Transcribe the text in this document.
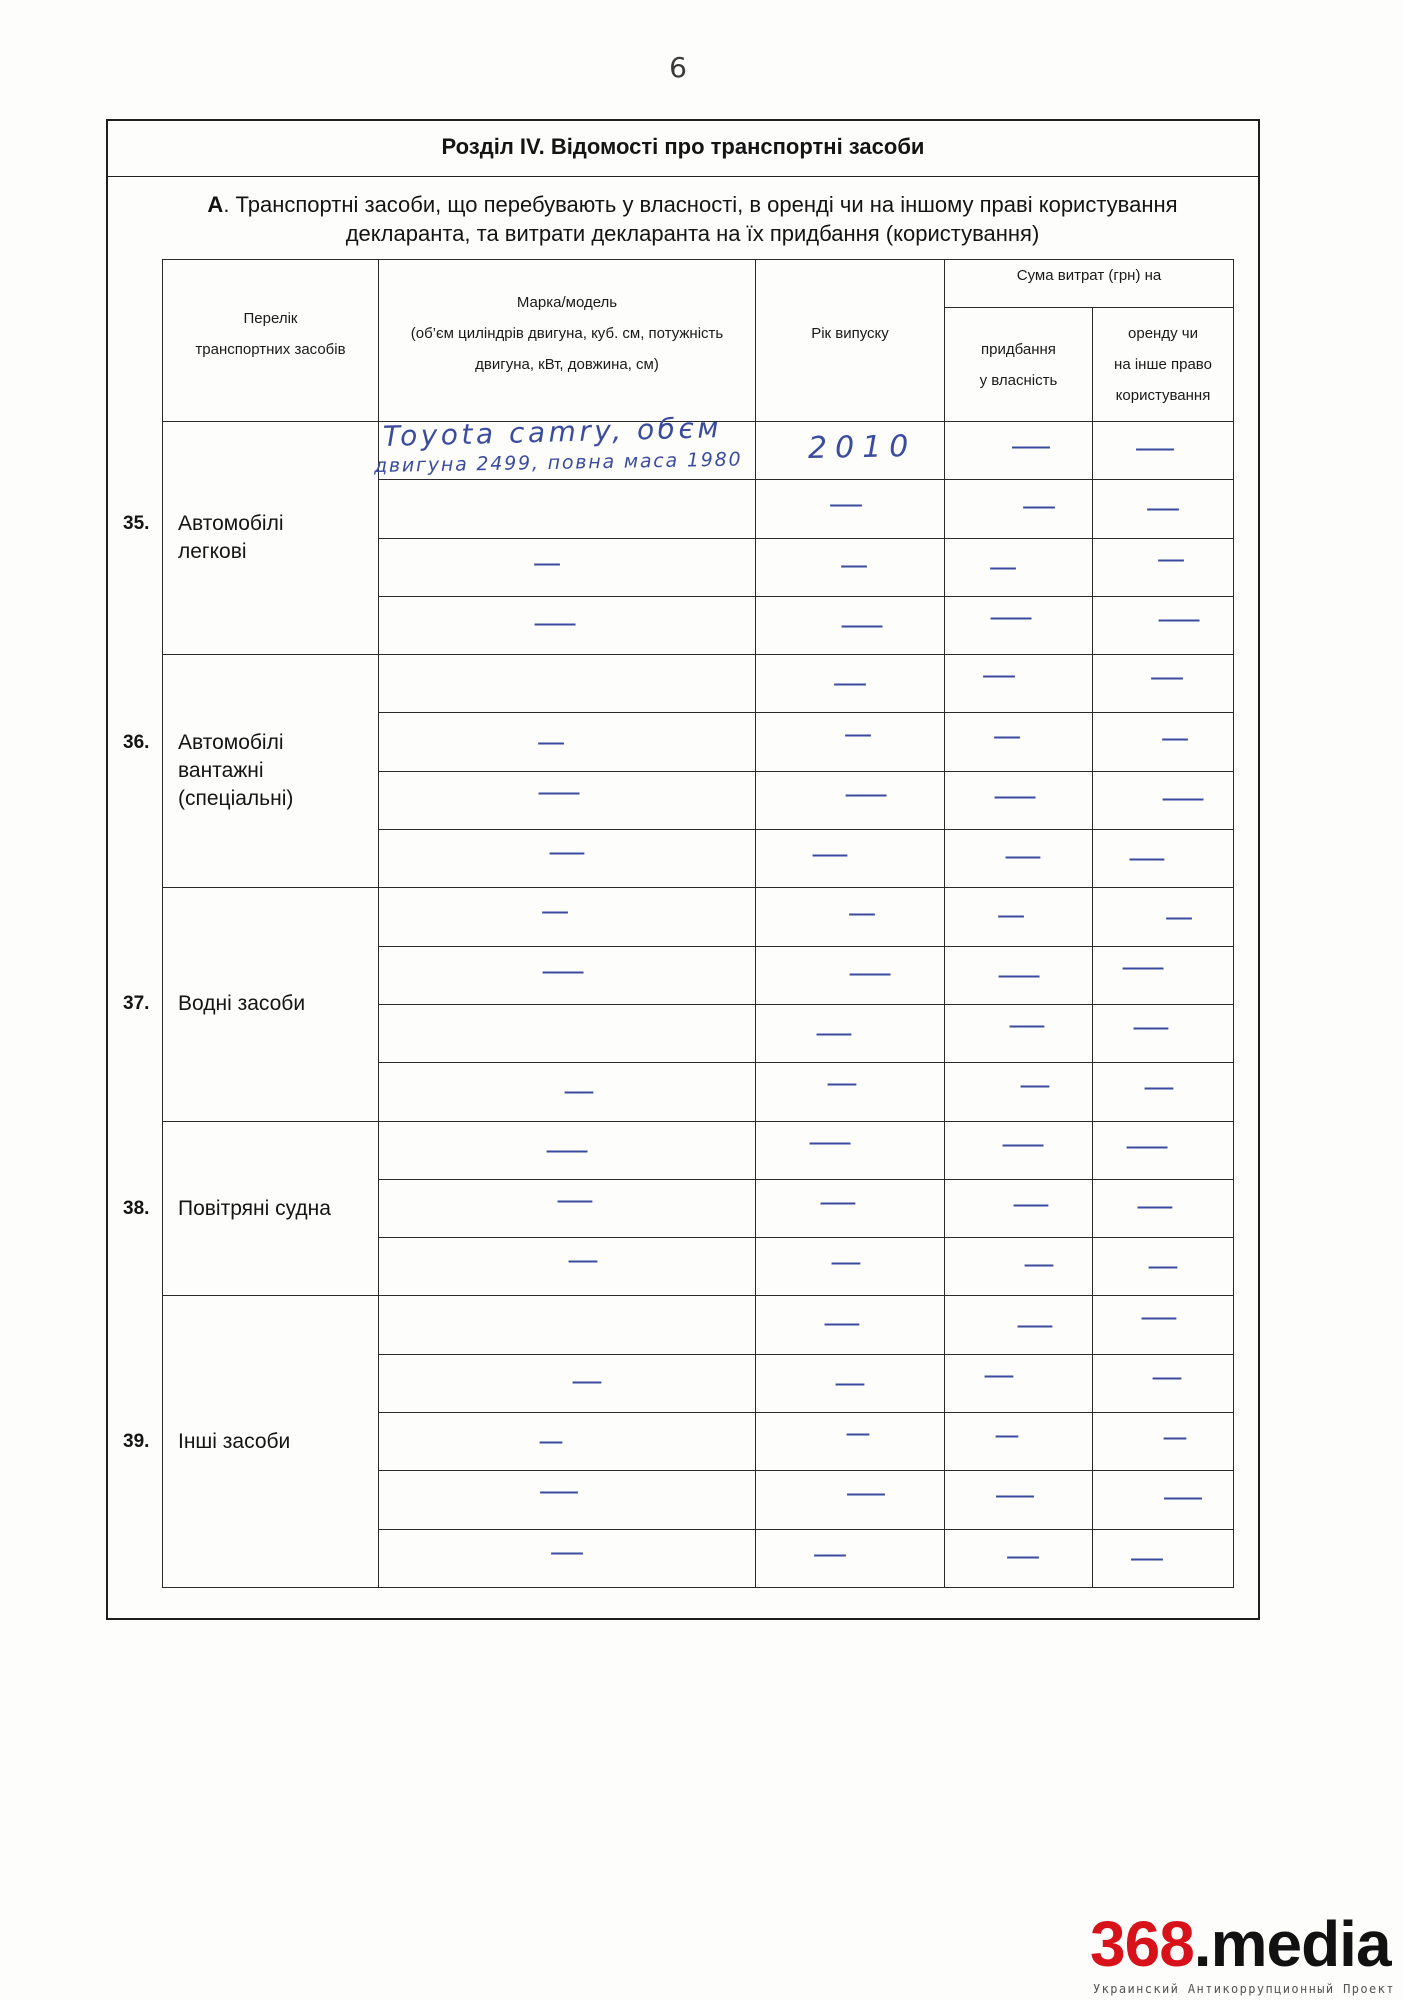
6
Розділ IV. Відомості про транспортні засоби
А. Транспортні засоби, що перебувають у власності, в оренді чи на іншому праві користування
декларанта, та витрати декларанта на їх придбання (користування)
Перелік
транспортних засобів	Марка/модель
(об’єм циліндрів двигуна, куб. см, потужність
двигуна, кВт, довжина, см)	Рік випуску	Сума витрат (грн) на	

			придбання
у власність	оренду чи
на інше право
користування

35. Автомобілі
легкові	Toyota camry, обєм
двигуна 2499, повна маса 1980	2010	—	—
		—	—	—
	—	—	—	—
	—	—	—	—

36. Автомобілі
вантажні
(спеціальні)		—	—	—
	—	—	—	—
	—	—	—	—
	—	—	—	—

37. Водні засоби	—	—	—	—
	—	—	—	—
		—	—	—
	—	—	—	—

38. Повітряні судна	—	—	—	—
	—	—	—	—
	—	—	—	—

39. Інші засоби		—	—	—
	—	—	—	—
	—	—	—	—
	—	—	—	—
	—	—	—	—
368.media
Украинский Антикоррупционный Проект
